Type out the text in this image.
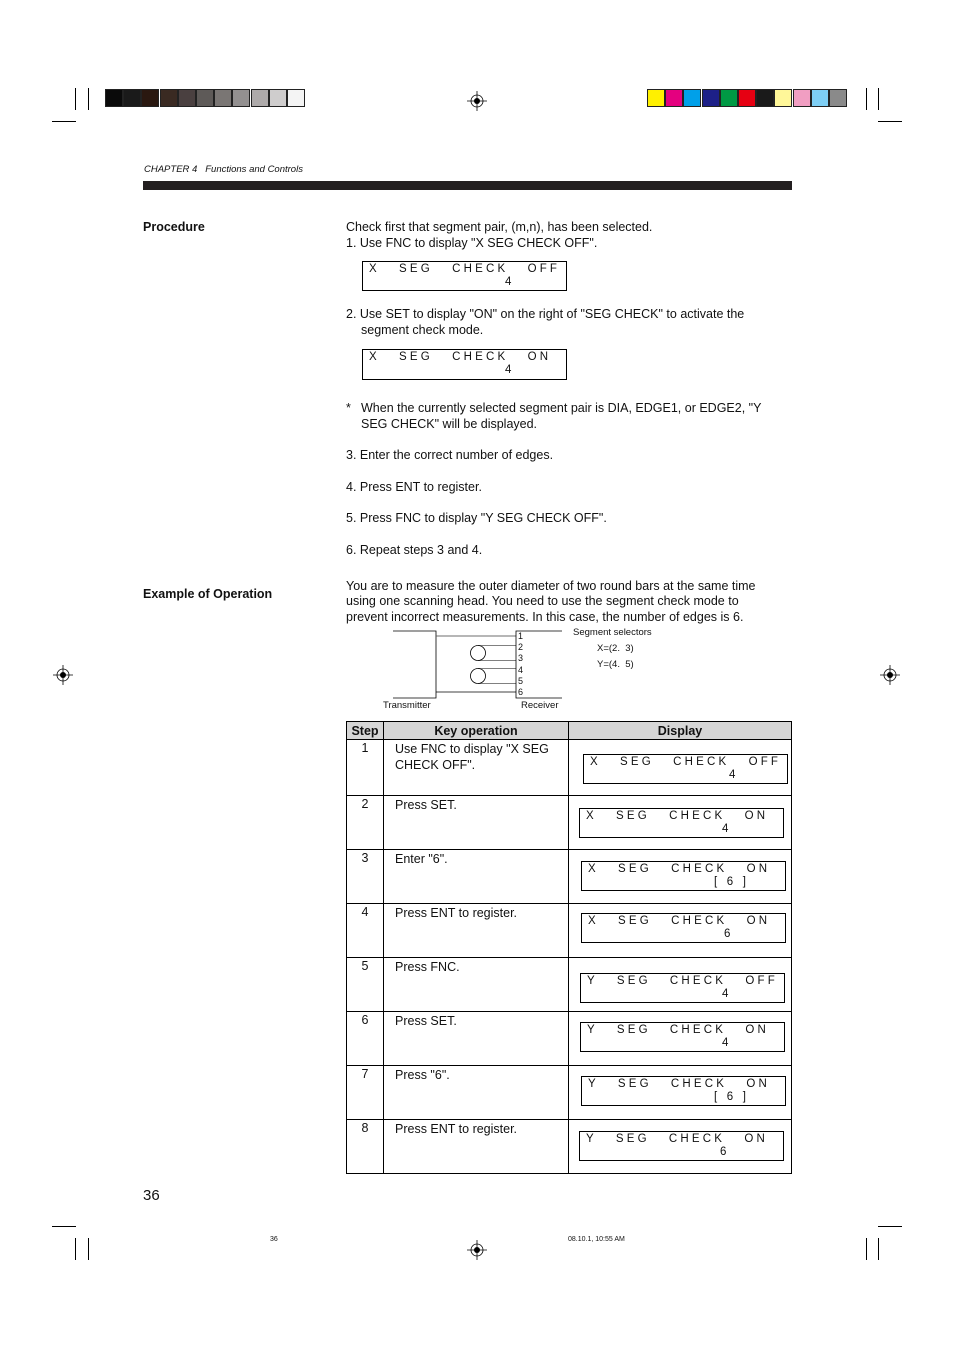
CHAPTER 4 Functions and Controls
Procedure	Check first that segment pair, (m,n), has been selected.
1. Use FNC to display "X SEG CHECK OFF".
X   SEG   CHECK   OFF
4
2. Use SET to display "ON" on the right of "SEG CHECK" to activate the
segment check mode.
X   SEG   CHECK   ON
4
* When the currently selected segment pair is DIA, EDGE1, or EDGE2, "Y
SEG CHECK" will be displayed.
3. Enter the correct number of edges.
4. Press ENT to register.
5. Press FNC to display "Y SEG CHECK OFF".
6. Repeat steps 3 and 4.
Example of Operation
You are to measure the outer diameter of two round bars at the same time
using one scanning head. You need to use the segment check mode to
prevent incorrect measurements. In this case, the number of edges is 6.
1
2
3
4
5
6
Transmitter	Receiver
Segment selectors
X=(2.  3)
Y=(4.  5)
Step	Key operation	Display
1	Use FNC to display "X SEG CHECK OFF".	X   SEG   CHECK   OFF
4

2	Press SET.	X   SEG   CHECK   ON
4

3	Enter "6".	X   SEG   CHECK   ON
[ 6 ]

4	Press ENT to register.	X   SEG   CHECK   ON
6

5	Press FNC.	Y   SEG   CHECK   OFF
4

6	Press SET.	Y   SEG   CHECK   ON
4

7	Press "6".	Y   SEG   CHECK   ON
[ 6 ]

8	Press ENT to register.	Y   SEG   CHECK   ON
6
36
36	08.10.1, 10:55 AM
